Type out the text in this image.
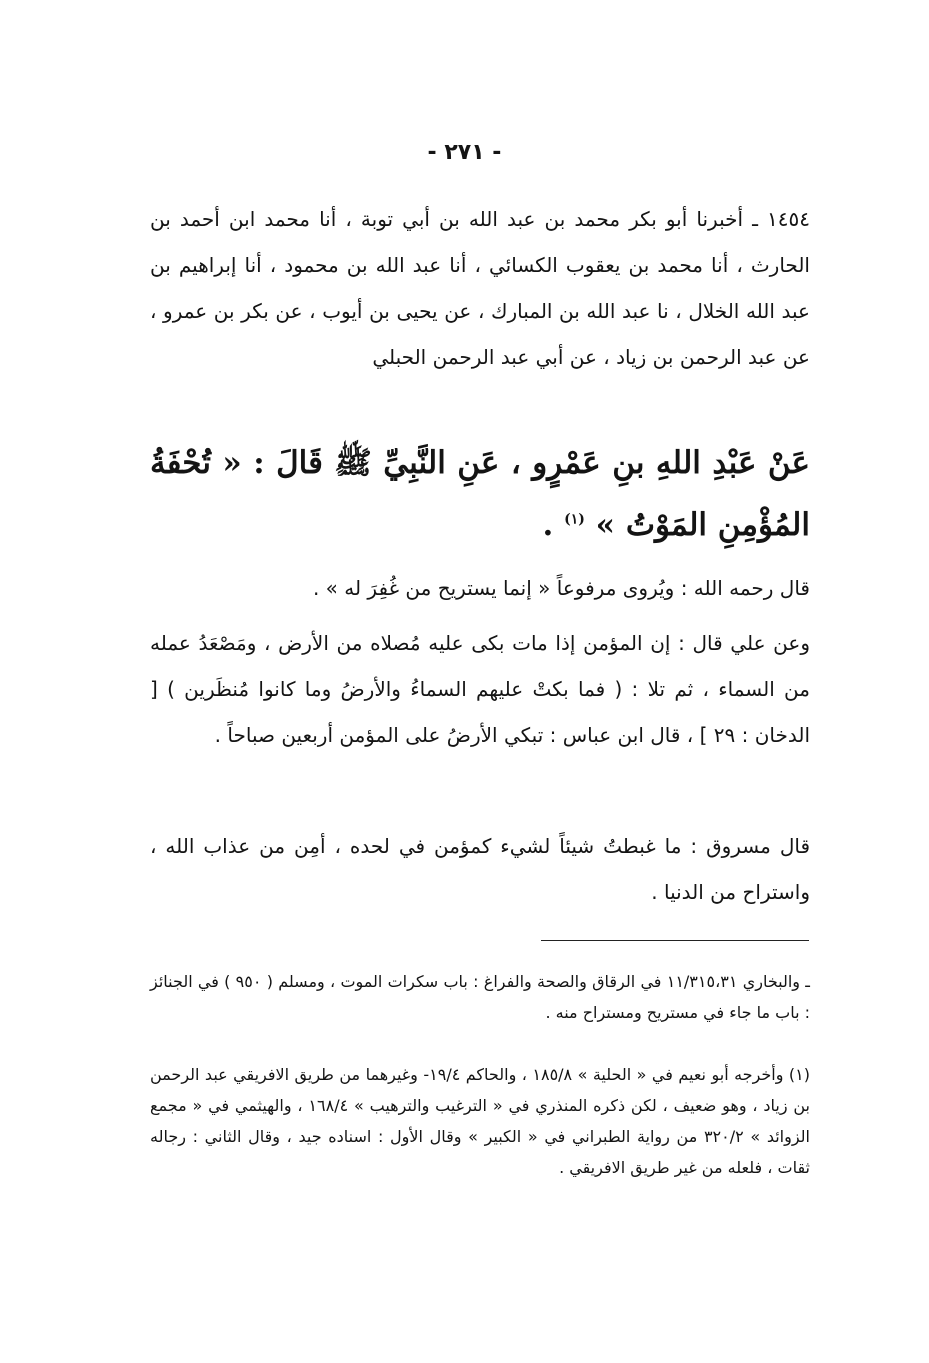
- ٢٧١ -
١٤٥٤ ـ أخبرنا أبو بكر محمد بن عبد الله بن أبي توبة ، أنا محمد ابن أحمد بن الحارث ، أنا محمد بن يعقوب الكسائي ، أنا عبد الله بن محمود ، أنا إبراهيم بن عبد الله الخلال ، نا عبد الله بن المبارك ، عن يحيى بن أيوب ، عن بكر بن عمرو ، عن عبد الرحمن بن زياد ، عن أبي عبد الرحمن الحبلي
عَنْ عَبْدِ اللهِ بنِ عَمْرٍو ، عَنِ النَّبِيِّ ﷺ قَالَ : « تُحْفَةُ المُؤْمِنِ المَوْتُ » $^{(١)}$ .
قال رحمه الله : ويُروى مرفوعاً « إنما يستريح من غُفِرَ له » .
وعن علي قال : إن المؤمن إذا مات بكى عليه مُصلاه من الأرض ، ومَصْعَدُ عمله من السماء ، ثم تلا : ( فما بكتْ عليهم السماءُ والأرضُ وما كانوا مُنظَرين ) [ الدخان : ٢٩ ] ، قال ابن عباس : تبكي الأرضُ على المؤمن أربعين صباحاً .
قال مسروق : ما غبطتُ شيئاً لشيء كمؤمن في لحده ، أمِن من عذاب الله ، واستراح من الدنيا .
ـ والبخاري ١١/٣١٥،٣١ في الرقاق والصحة والفراغ : باب سكرات الموت ، ومسلم ( ٩٥٠ ) في الجنائز : باب ما جاء في مستريح ومستراح منه .
(١) وأخرجه أبو نعيم في « الحلية » ١٨٥/٨ ، والحاكم ١٩/٤- وغيرهما من طريق الافريقي عبد الرحمن بن زياد ، وهو ضعيف ، لكن ذكره المنذري في « الترغيب والترهيب » ١٦٨/٤ ، والهيثمي في « مجمع الزوائد » ٣٢٠/٢ من رواية الطبراني في « الكبير » وقال الأول : اسناده جيد ، وقال الثاني : رجاله ثقات ، فلعله من غير طريق الافريقي .
